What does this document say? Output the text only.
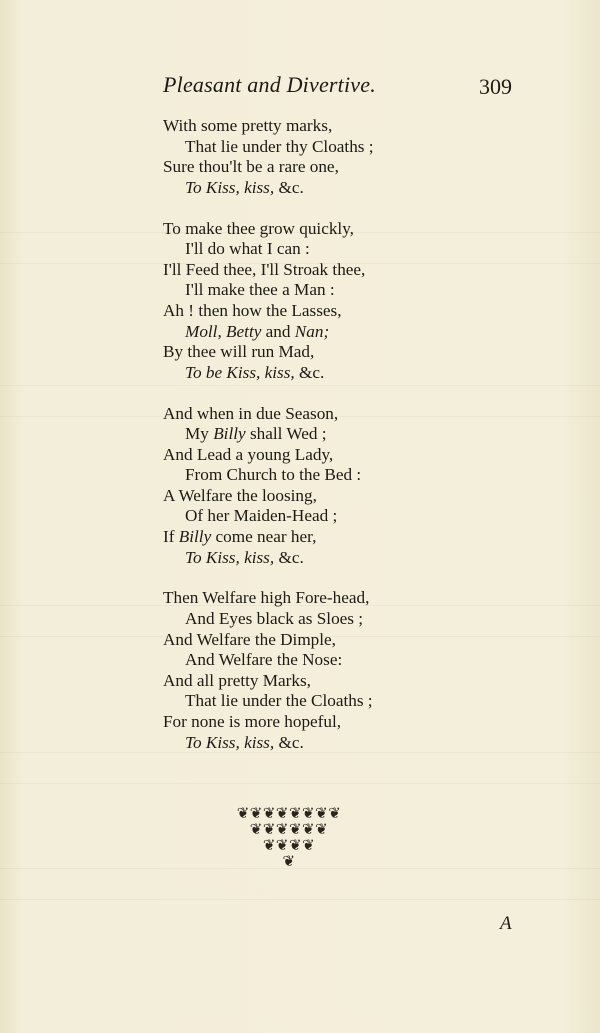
Pleasant and Divertive.	309
With some pretty marks,
That lie under thy Cloaths ;
Sure thou'lt be a rare one,
To Kiss, kiss, &c.
To make thee grow quickly,
I'll do what I can :
I'll Feed thee, I'll Stroak thee,
I'll make thee a Man :
Ah ! then how the Lasses,
Moll, Betty and Nan;
By thee will run Mad,
To be Kiss, kiss, &c.
And when in due Season,
My Billy shall Wed ;
And Lead a young Lady,
From Church to the Bed :
A Welfare the loosing,
Of her Maiden-Head ;
If Billy come near her,
To Kiss, kiss, &c.
Then Welfare high Fore-head,
And Eyes black as Sloes ;
And Welfare the Dimple,
And Welfare the Nose:
And all pretty Marks,
That lie under the Cloaths ;
For none is more hopeful,
To Kiss, kiss, &c.
❦❦❦❦❦❦❦❦
❦❦❦❦❦❦
❦❦❦❦
❦
A
